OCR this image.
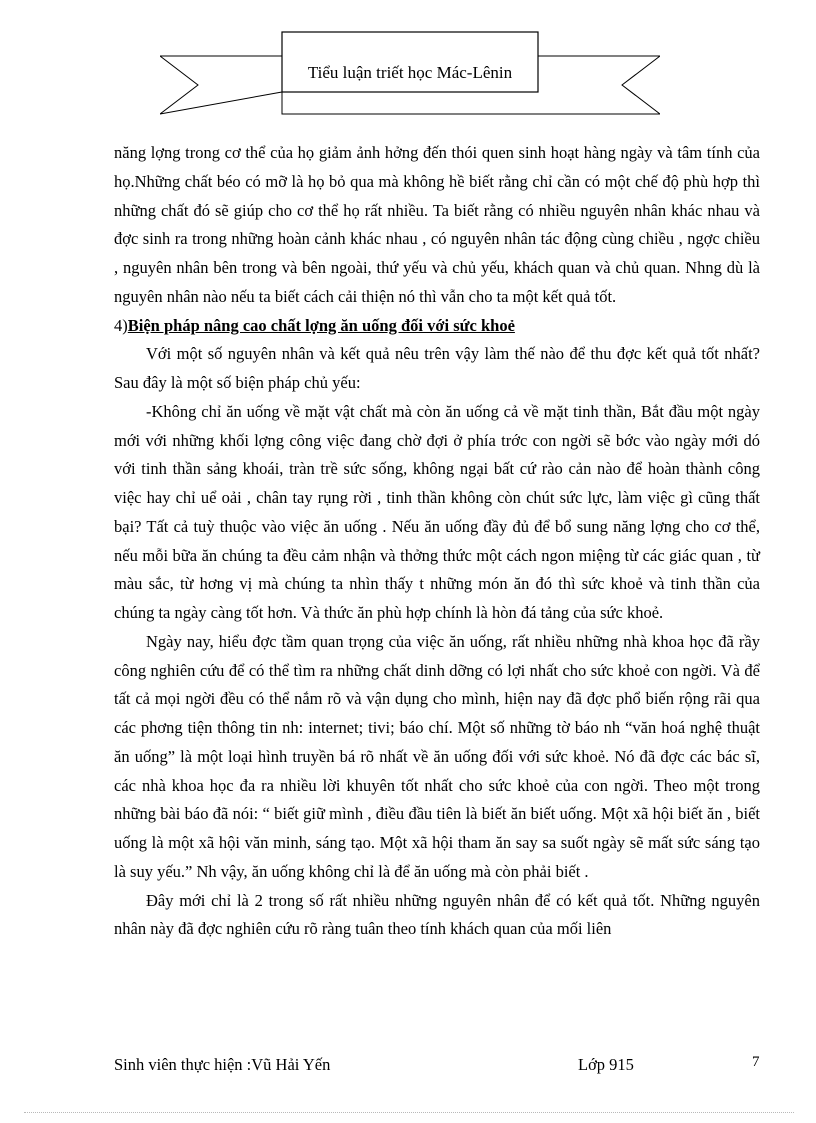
Tiểu luận triết học Mác-Lênin

năng lợng trong cơ thể của họ giảm ảnh hởng đến thói quen sinh hoạt hàng ngày và tâm tính của họ.Những chất béo có mỡ là họ bỏ qua mà không hề biết rằng chỉ cần có một chế độ phù hợp thì những chất đó sẽ giúp cho cơ thể họ rất nhiều. Ta biết rằng có nhiều nguyên nhân khác nhau và đợc sinh ra trong những hoàn cảnh khác nhau , có nguyên nhân tác động cùng chiều , ngợc chiều , nguyên nhân bên trong và bên ngoài, thứ yếu và chủ yếu, khách quan và chủ quan. Nhng dù là nguyên nhân nào nếu ta biết cách cải thiện nó thì vẫn cho ta một kết quả tốt.

4)Biện pháp nâng cao chất lợng ăn uống đối với sức khoẻ

Với một số nguyên nhân và kết quả nêu trên vậy làm thế nào để thu đợc kết quả tốt nhất? Sau đây là một số biện pháp chủ yếu:

-Không chỉ ăn uống về mặt vật chất mà còn ăn uống cả về mặt tinh thần, Bắt đầu một ngày mới với những khối lợng công việc đang chờ đợi ở phía trớc con ngời sẽ bớc vào ngày mới dó với tinh thần sảng khoái, tràn trề sức sống, không ngại bất cứ rào cản nào để hoàn thành công việc hay chỉ uể oải , chân tay rụng rời , tinh thần không còn chút sức lực, làm việc gì cũng thất bại? Tất cả tuỳ thuộc vào việc ăn uống . Nếu ăn uống đầy đủ để bổ sung năng lợng cho cơ thể, nếu mỗi bữa ăn chúng ta đều cảm nhận và thởng thức một cách ngon miệng từ các giác quan , từ màu sắc, từ hơng vị mà chúng ta nhìn thấy t những món ăn đó thì sức khoẻ và tinh thần của chúng ta ngày càng tốt hơn. Và thức ăn phù hợp chính là hòn đá tảng của sức khoẻ.

Ngày nay, hiểu đợc tầm quan trọng của việc ăn uống, rất nhiều những nhà khoa học đã rầy công nghiên cứu để có thể tìm ra những chất dinh dỡng có lợi nhất cho sức khoẻ con ngời. Và để tất cả mọi ngời đều có thể nắm rõ và vận dụng cho mình, hiện nay đã đợc phổ biến rộng rãi qua các phơng tiện thông tin nh: internet; tivi; báo chí. Một số những tờ báo nh “văn hoá nghệ thuật ăn uống” là một loại hình truyền bá rõ nhất về ăn uống đối với sức khoẻ. Nó đã đợc các bác sĩ, các nhà khoa học đa ra nhiều lời khuyên tốt nhất cho sức khoẻ của con ngời. Theo một trong những bài báo đã nói: “ biết giữ mình , điều đầu tiên là biết ăn biết uống. Một xã hội biết ăn , biết uống là một xã hội văn minh, sáng tạo. Một xã hội tham ăn say sa suốt ngày sẽ mất sức sáng tạo là suy yếu.” Nh vậy, ăn uống không chỉ là để ăn uống mà còn phải biết .

Đây mới chỉ là 2 trong số rất nhiều những nguyên nhân để có kết quả tốt. Những nguyên nhân này đã đợc nghiên cứu rõ ràng tuân theo tính khách quan của mối liên

Sinh viên thực hiện :Vũ Hải Yến	Lớp 915	7
